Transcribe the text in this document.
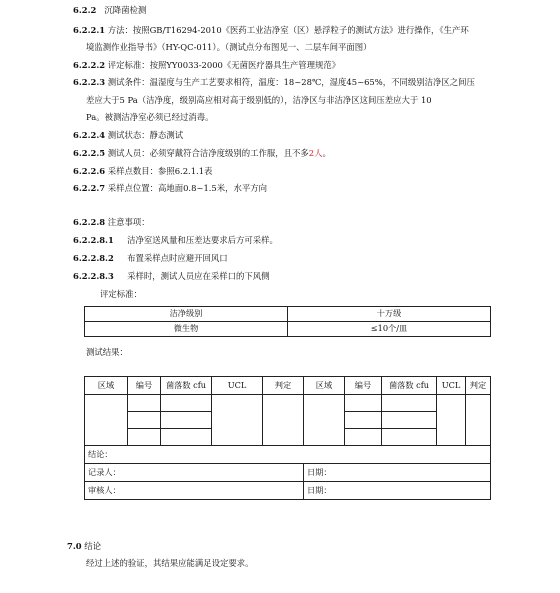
6.2.2 沉降菌检测
6.2.2.1 方法：按照GB/T16294-2010《医药工业洁净室（区）悬浮粒子的测试方法》进行操作，《生产环
境监测作业指导书》（HY-QC-011）。（测试点分布图见一、二层车间平面图）
6.2.2.2 评定标准：按照YY0033-2000《无菌医疗器具生产管理规范》
6.2.2.3 测试条件：温湿度与生产工艺要求相符，温度：18~28℃，湿度45~65%，不同级别洁净区之间压
差应大于5 Pa（洁净度，级别高应相对高于级别低的），洁净区与非洁净区这间压差应大于 10
Pa。被测洁净室必须已经过消毒。
6.2.2.4 测试状态：静态测试
6.2.2.5 测试人员：必须穿戴符合洁净度级别的工作服，且不多2人。
6.2.2.6 采样点数目：参照6.2.1.1表
6.2.2.7 采样点位置：高地面0.8~1.5米，水平方向
6.2.2.8 注意事项：
6.2.2.8.1 洁净室送风量和压差达要求后方可采样。
6.2.2.8.2 布置采样点时应避开回风口
6.2.2.8.3 采样时，测试人员应在采样口的下风侧
评定标准：
洁净级别	十万级
微生物	≤10个/皿
测试结果：
区域	编号	菌落数 cfu	UCL	判定	区域	编号	菌落数 cfu	UCL	判定

结论：									
记录人：					日期：				
审核人：					日期：				
7.0 结论
经过上述的验证，其结果应能满足设定要求。
